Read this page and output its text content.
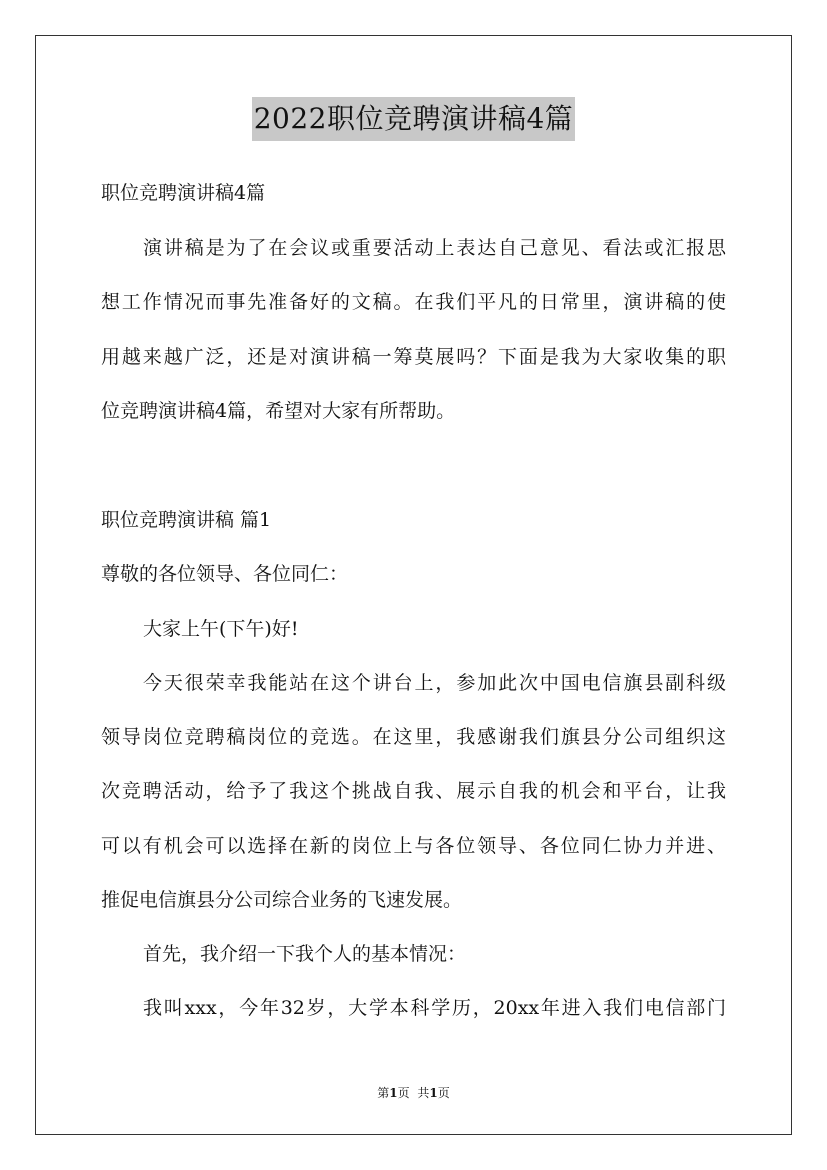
2022职位竞聘演讲稿4篇
职位竞聘演讲稿4篇
演讲稿是为了在会议或重要活动上表达自己意见、看法或汇报思
想工作情况而事先准备好的文稿。在我们平凡的日常里，演讲稿的使
用越来越广泛，还是对演讲稿一筹莫展吗？下面是我为大家收集的职
位竞聘演讲稿4篇，希望对大家有所帮助。
职位竞聘演讲稿 篇1
尊敬的各位领导、各位同仁：
大家上午(下午)好!
今天很荣幸我能站在这个讲台上，参加此次中国电信旗县副科级
领导岗位竞聘稿岗位的竞选。在这里，我感谢我们旗县分公司组织这
次竞聘活动，给予了我这个挑战自我、展示自我的机会和平台，让我
可以有机会可以选择在新的岗位上与各位领导、各位同仁协力并进、
推促电信旗县分公司综合业务的飞速发展。
首先，我介绍一下我个人的基本情况：
我叫xxx，今年32岁，大学本科学历，20xx年进入我们电信部门
第1页 共1页
